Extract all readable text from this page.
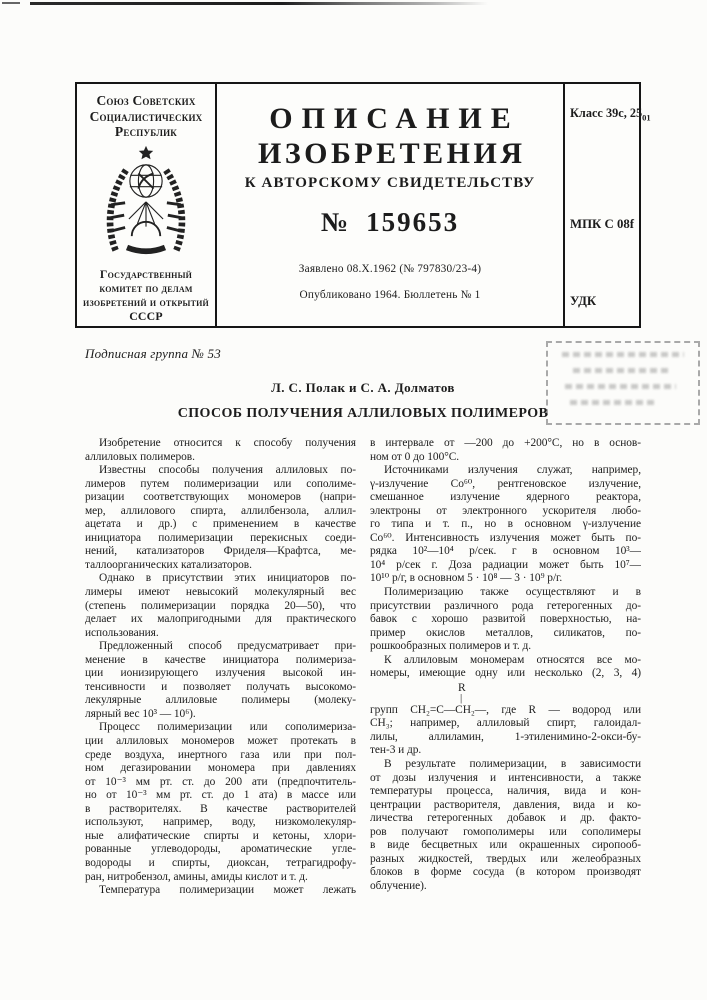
Союз Советских
Социалистических
Республик
Государственный
комитет по делам
изобретений и открытий
СССР
ОПИСАНИЕ
ИЗОБРЕТЕНИЯ
К АВТОРСКОМУ СВИДЕТЕЛЬСТВУ
№ 159653
Заявлено 08.X.1962 (№ 797830/23-4)
Опубликовано 1964. Бюллетень № 1
Класс 39с, $25_{01}$
МПК С 08f
УДК
Подписная группа № 53
Л. С. Полак и С. А. Долматов
СПОСОБ ПОЛУЧЕНИЯ АЛЛИЛОВЫХ ПОЛИМЕРОВ
Изобретение относится к способу получения
аллиловых полимеров.
Известны способы получения аллиловых по-
лимеров путем полимеризации или сополиме-
ризации соответствующих мономеров (напри-
мер, аллилового спирта, аллилбензола, аллил-
ацетата и др.) с применением в качестве
инициатора полимеризации перекисных соеди-
нений, катализаторов Фриделя—Крафтса, ме-
таллоорганических катализаторов.
Однако в присутствии этих инициаторов по-
лимеры имеют невысокий молекулярный вес
(степень полимеризации порядка 20—50), что
делает их малопригодными для практического
использования.
Предложенный способ предусматривает при-
менение в качестве инициатора полимериза-
ции ионизирующего излучения высокой ин-
тенсивности и позволяет получать высокомо-
лекулярные аллиловые полимеры (молеку-
лярный вес 10³ — 10⁶).
Процесс полимеризации или сополимериза-
ции аллиловых мономеров может протекать в
среде воздуха, инертного газа или при пол-
ном дегазировании мономера при давлениях
от 10⁻³ мм рт. ст. до 200 ати (предпочтитель-
но от 10⁻³ мм рт. ст. до 1 ата) в массе или
в растворителях. В качестве растворителей
используют, например, воду, низкомолекуляр-
ные алифатические спирты и кетоны, хлори-
рованные углеводороды, ароматические угле-
водороды и спирты, диоксан, тетрагидрофу-
ран, нитробензол, амины, амиды кислот и т. д.
Температура полимеризации может лежать
в интервале от —200 до +200°С, но в основ-
ном от 0 до 100°С.
Источниками излучения служат, например,
γ-излучение Со⁶⁰, рентгеновское излучение,
смешанное излучение ядерного реактора,
электроны от электронного ускорителя любо-
го типа и т. п., но в основном γ-излучение
Со⁶⁰. Интенсивность излучения может быть по-
рядка 10²—10⁴ р/сек. г в основном 10³—
10⁴ р/сек г. Доза радиации может быть 10⁷—
10¹⁰ р/г, в основном 5 · 10⁸ — 3 · 10⁹ р/г.
Полимеризацию также осуществляют и в
присутствии различного рода гетерогенных до-
бавок с хорошо развитой поверхностью, на-
пример окислов металлов, силикатов, по-
рошкообразных полимеров и т. д.
К аллиловым мономерам относятся все мо-
номеры, имеющие одну или несколько (2, 3, 4)
R
|
групп СН₂=С—СН₂—, где R — водород или
СН₃; например, аллиловый спирт, галоидал-
лилы, аллиламин, 1-этиленимино-2-окси-бу-
тен-3 и др.
В результате полимеризации, в зависимости
от дозы излучения и интенсивности, а также
температуры процесса, наличия, вида и кон-
центрации растворителя, давления, вида и ко-
личества гетерогенных добавок и др. факто-
ров получают гомополимеры или сополимеры
в виде бесцветных или окрашенных сиропооб-
разных жидкостей, твердых или желеобразных
блоков в форме сосуда (в котором производят
облучение).
